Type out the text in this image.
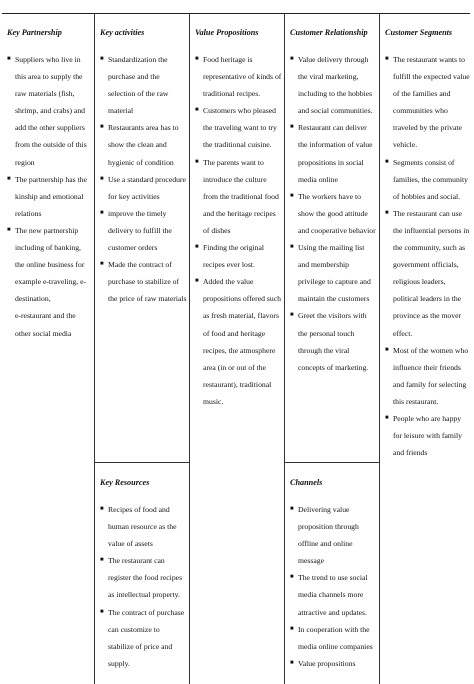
Key Partnership
■ Suppliers who live in this area to supply the raw materials (fish, shrimp, and crabs) and add the other suppliers from the outside of this region
■ The partnership has the kinship and emotional relations
■ The new partnership including of banking, the online business for example e-traveling, e-destination,
e-restaurant and the other social media
Key activities
■ Standardization the purchase and the selection of the raw material
■ Restaurants area has to show the clean and hygienic of condition
■ Use a standard procedure for key activities
■ improve the timely delivery to fulfill the customer orders
■ Made the contract of purchase to stabilize of the price of raw materials
Key Resources
■ Recipes of food and human resource as the value of assets
■ The restaurant can register the food recipes as intellectual property.
■ The contract of purchase can customize to stabilize of price and supply.
Value Propositions
■ Food heritage is representative of kinds of traditional recipes.
■ Customers who pleased the traveling want to try the traditional cuisine.
■ The parents want to introduce the culture from the traditional food and the heritage recipes of dishes
■ Finding the original recipes ever lost.
■ Added the value propositions offered such as fresh material, flavors of food and heritage recipes, the atmosphere area (in or out of the restaurant), traditional music.
Customer Relationship
■ Value delivery through the viral marketing, including to the hobbies and social communities.
■ Restaurant can deliver the information of value propositions in social media online
■ The workers have to show the good attitude and cooperative behavior
■ Using the mailing list and membership privilege to capture and maintain the customers
■ Greet the visitors with the personal touch through the viral concepts of marketing.
Channels
■ Delivering value proposition through offline and online message
■ The trend to use social media channels more attractive and updates.
■ In cooperation with the media online companies
■ Value propositions
Customer Segments
■ The restaurant wants to fulfill the expected value of the families and communities who traveled by the private vehicle.
■ Segments consist of families, the community of hobbies and social.
■ The restaurant can use the influential persons in the community, such as government officials, religious leaders, political leaders in the province as the mover effect.
■ Most of the women who influence their friends and family for selecting this restaurant.
■ People who are happy for leisure with family and friends
